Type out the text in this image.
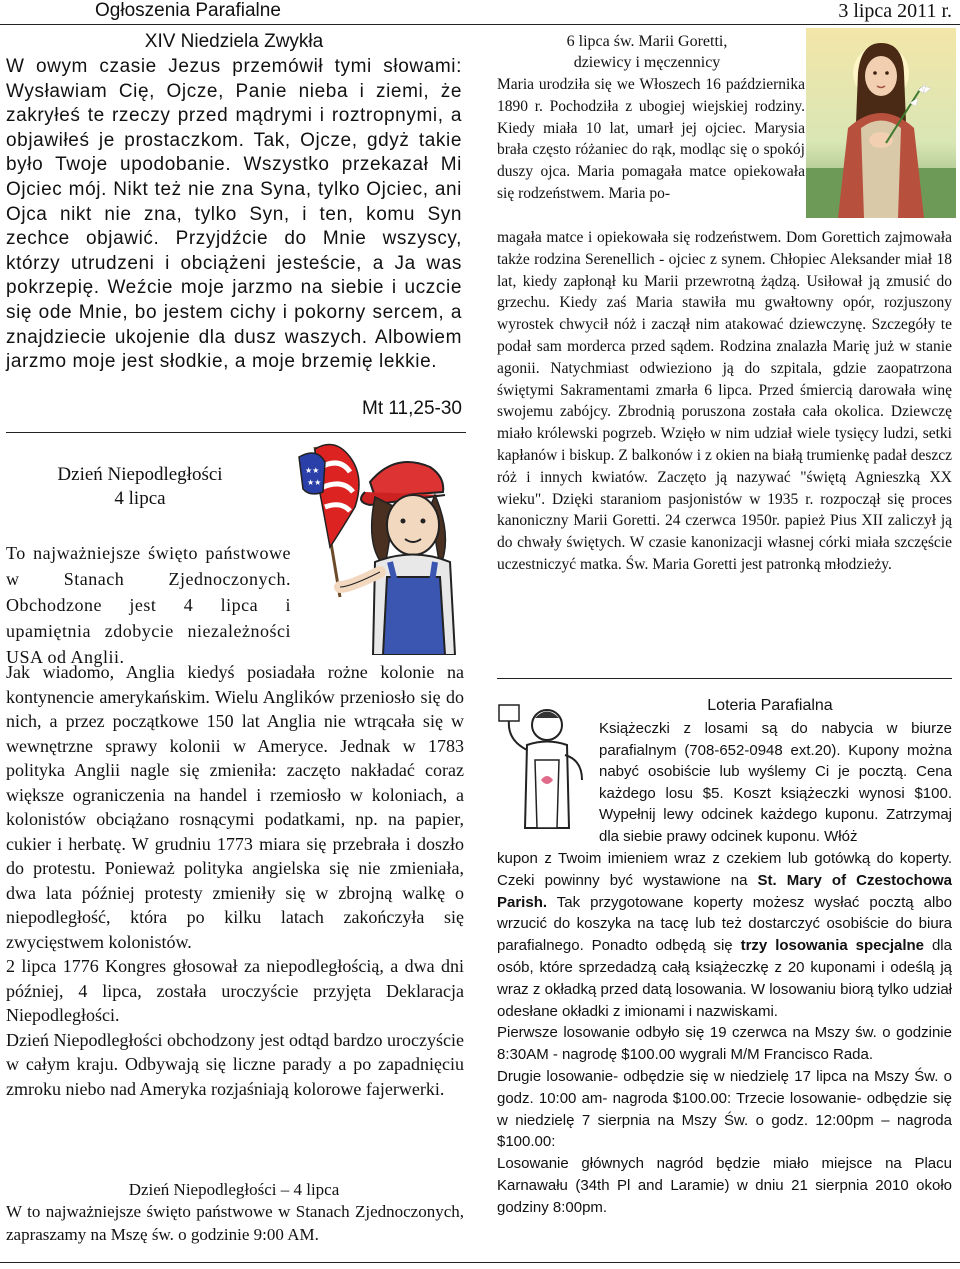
Ogłoszenia Parafialne	3 lipca 2011 r.
XIV Niedziela Zwykła
W owym czasie Jezus przemówił tymi słowami: Wysławiam Cię, Ojcze, Panie nieba i ziemi, że zakryłeś te rzeczy przed mądrymi i roztropnymi, a objawiłeś je prostaczkom. Tak, Ojcze, gdyż takie było Twoje upodobanie. Wszystko przekazał Mi Ojciec mój. Nikt też nie zna Syna, tylko Ojciec, ani Ojca nikt nie zna, tylko Syn, i ten, komu Syn zechce objawić. Przyjdźcie do Mnie wszyscy, którzy utrudzeni i obciążeni jesteście, a Ja was pokrzepię. Weźcie moje jarzmo na siebie i uczcie się ode Mnie, bo jestem cichy i pokorny sercem, a znajdziecie ukojenie dla dusz waszych. Albowiem jarzmo moje jest słodkie, a moje brzemię lekkie.
Mt 11,25-30
Dzień Niepodległości
4 lipca
★★
★★
To najważniejsze święto państwowe w Stanach Zjednoczonych. Obchodzone jest 4 lipca i upamiętnia zdobycie niezależności USA od Anglii.

Jak wiadomo, Anglia kiedyś posiadała rożne kolonie na kontynencie amerykańskim. Wielu Anglików przeniosło się do nich, a przez początkowe 150 lat Anglia nie wtrącała się w wewnętrzne sprawy kolonii w Ameryce. Jednak w 1783 polityka Anglii nagle się zmieniła: zaczęto nakładać coraz większe ograniczenia na handel i rzemiosło w koloniach, a kolonistów obciążano rosnącymi podatkami, np. na papier, cukier i herbatę. W grudniu 1773 miara się przebrała i doszło do protestu. Ponieważ polityka angielska się nie zmieniała, dwa lata później protesty zmieniły się w zbrojną walkę o niepodległość, która po kilku latach zakończyła się zwycięstwem kolonistów.

2 lipca 1776 Kongres głosował za niepodległością, a dwa dni później, 4 lipca, została uroczyście przyjęta Deklaracja Niepodległości.

Dzień Niepodległości obchodzony jest odtąd bardzo uroczyście w całym kraju. Odbywają się liczne parady a po zapadnięciu zmroku niebo nad Ameryka rozjaśniają kolorowe fajerwerki.

Dzień Niepodległości – 4 lipca
W to najważniejsze święto państwowe w Stanach Zjednoczonych, zapraszamy na Mszę św. o godzinie 9:00 AM.
6 lipca św. Marii Goretti,
dziewicy i męczennicy
Maria urodziła się we Włoszech 16 października 1890 r. Pochodziła z ubogiej wiejskiej rodziny. Kiedy miała 10 lat, umarł jej ojciec. Marysia brała często różaniec do rąk, modląc się o spokój duszy ojca. Maria pomagała matce opiekowała się rodzeństwem. Maria po-
magała matce i opiekowała się rodzeństwem. Dom Gorettich zajmowała także rodzina Serenellich - ojciec z synem. Chłopiec Aleksander miał 18 lat, kiedy zapłonął ku Marii przewrotną żądzą. Usiłował ją zmusić do grzechu. Kiedy zaś Maria stawiła mu gwałtowny opór, rozjuszony wyrostek chwycił nóż i zaczął nim atakować dziewczynę. Szczegóły te podał sam morderca przed sądem. Rodzina znalazła Marię już w stanie agonii. Natychmiast odwieziono ją do szpitala, gdzie zaopatrzona świętymi Sakramentami zmarła 6 lipca. Przed śmiercią darowała winę swojemu zabójcy. Zbrodnią poruszona została cała okolica. Dziewczę miało królewski pogrzeb. Wzięło w nim udział wiele tysięcy ludzi, setki kapłanów i biskup. Z balkonów i z okien na białą trumienkę padał deszcz róż i innych kwiatów. Zaczęto ją nazywać "świętą Agnieszką XX wieku". Dzięki staraniom pasjonistów w 1935 r. rozpoczął się proces kanoniczny Marii Goretti. 24 czerwca 1950r. papież Pius XII zaliczył ją do chwały świętych. W czasie kanonizacji własnej córki miała szczęście uczestniczyć matka. Św. Maria Goretti jest patronką młodzieży.
Loteria Parafialna
Książeczki z losami są do nabycia w biurze parafialnym (708-652-0948 ext.20). Kupony można nabyć osobiście lub wyślemy Ci je pocztą. Cena każdego losu $5. Koszt książeczki wynosi $100. Wypełnij lewy odcinek każdego kuponu. Zatrzymaj dla siebie prawy odcinek kuponu. Włóż

kupon z Twoim imieniem wraz z czekiem lub gotówką do koperty. Czeki powinny być wystawione na St. Mary of Czestochowa Parish. Tak przygotowane koperty możesz wysłać pocztą albo wrzucić do koszyka na tacę lub też dostarczyć osobiście do biura parafialnego. Ponadto odbędą się trzy losowania specjalne dla osób, które sprzedadzą całą książeczkę z 20 kuponami i odeślą ją wraz z okładką przed datą losowania. W losowaniu biorą tylko udział odesłane okładki z imionami i nazwiskami.

Pierwsze losowanie odbyło się 19 czerwca na Mszy św. o godzinie 8:30AM - nagrodę $100.00 wygrali M/M Francisco Rada.

Drugie losowanie- odbędzie się w niedzielę 17 lipca na Mszy Św. o godz. 10:00 am- nagroda $100.00: Trzecie losowanie- odbędzie się w niedzielę 7 sierpnia na Mszy Św. o godz. 12:00pm – nagroda $100.00:

Losowanie głównych nagród będzie miało miejsce na Placu Karnawału (34th Pl and Laramie) w dniu 21 sierpnia 2010 około godziny 8:00pm.
